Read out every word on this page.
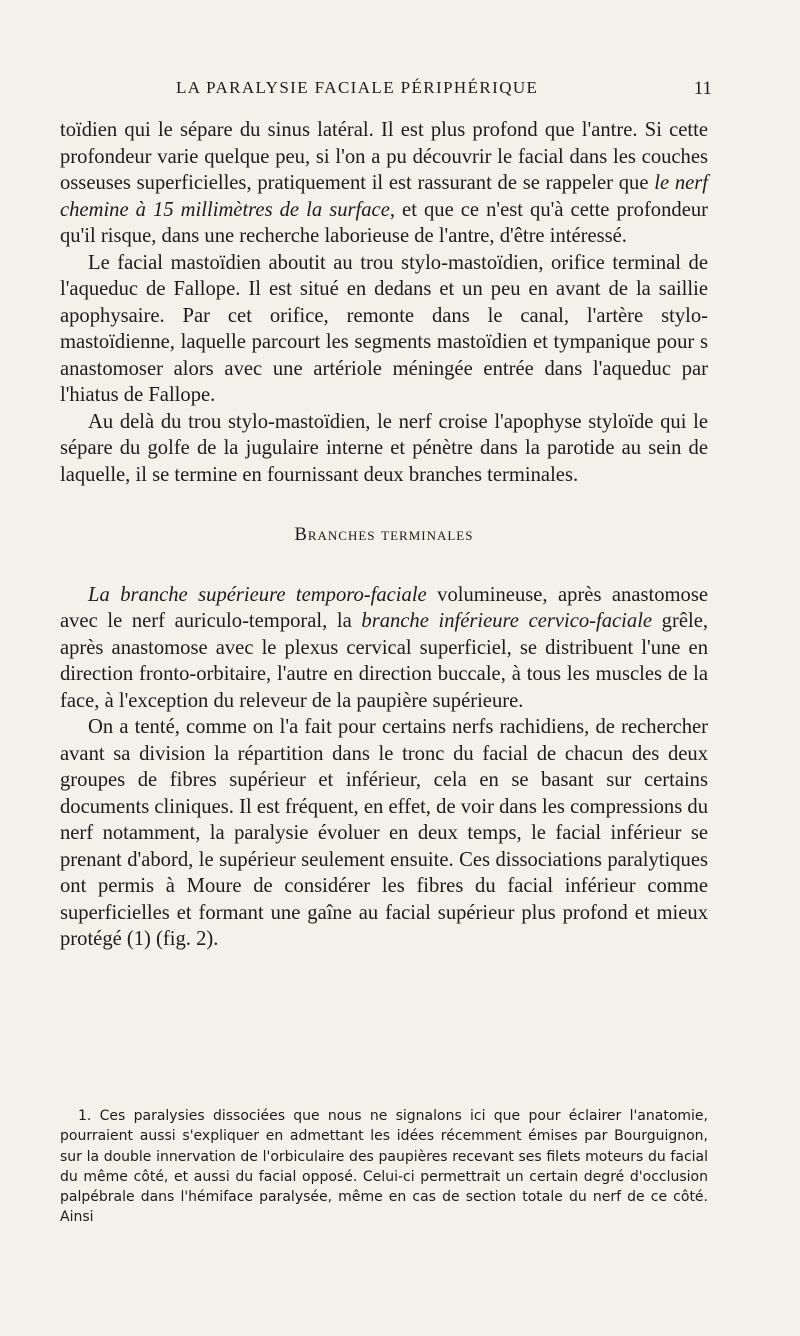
LA PARALYSIE FACIALE PÉRIPHÉRIQUE	11

toïdien qui le sépare du sinus latéral. Il est plus profond que l'antre. Si cette profondeur varie quelque peu, si l'on a pu découvrir le facial dans les couches osseuses superficielles, pratiquement il est rassurant de se rappeler que le nerf chemine à 15 millimètres de la surface, et que ce n'est qu'à cette profondeur qu'il risque, dans une recherche laborieuse de l'antre, d'être intéressé.

Le facial mastoïdien aboutit au trou stylo-mastoïdien, orifice terminal de l'aqueduc de Fallope. Il est situé en dedans et un peu en avant de la saillie apophysaire. Par cet orifice, remonte dans le canal, l'artère stylo-mastoïdienne, laquelle parcourt les segments mastoïdien et tympanique pour s anastomoser alors avec une artériole méningée entrée dans l'aqueduc par l'hiatus de Fallope.

Au delà du trou stylo-mastoïdien, le nerf croise l'apophyse styloïde qui le sépare du golfe de la jugulaire interne et pénètre dans la parotide au sein de laquelle, il se termine en fournissant deux branches terminales.

Branches terminales

La branche supérieure temporo-faciale volumineuse, après anastomose avec le nerf auriculo-temporal, la branche inférieure cervico-faciale grêle, après anastomose avec le plexus cervical superficiel, se distribuent l'une en direction fronto-orbitaire, l'autre en direction buccale, à tous les muscles de la face, à l'exception du releveur de la paupière supérieure.

On a tenté, comme on l'a fait pour certains nerfs rachidiens, de rechercher avant sa division la répartition dans le tronc du facial de chacun des deux groupes de fibres supérieur et inférieur, cela en se basant sur certains documents cliniques. Il est fréquent, en effet, de voir dans les compressions du nerf notamment, la paralysie évoluer en deux temps, le facial inférieur se prenant d'abord, le supérieur seulement ensuite. Ces dissociations paralytiques ont permis à Moure de considérer les fibres du facial inférieur comme superficielles et formant une gaîne au facial supérieur plus profond et mieux protégé (1) (fig. 2).

1. Ces paralysies dissociées que nous ne signalons ici que pour éclairer l'anatomie, pourraient aussi s'expliquer en admettant les idées récemment émises par Bourguignon, sur la double innervation de l'orbiculaire des paupières recevant ses filets moteurs du facial du même côté, et aussi du facial opposé. Celui-ci permettrait un certain degré d'occlusion palpébrale dans l'hémiface paralysée, même en cas de section totale du nerf de ce côté. Ainsi
